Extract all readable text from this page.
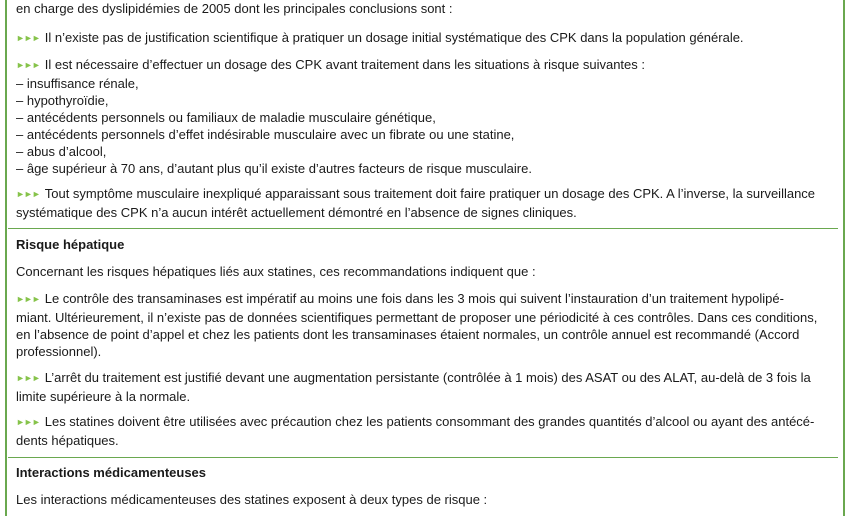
en charge des dyslipidémies de 2005 dont les principales conclusions sont :

►►► Il n’existe pas de justification scientifique à pratiquer un dosage initial systématique des CPK dans la population générale.

►►► Il est nécessaire d’effectuer un dosage des CPK avant traitement dans les situations à risque suivantes :
– insuffisance rénale,
– hypothyroïdie,
– antécédents personnels ou familiaux de maladie musculaire génétique,
– antécédents personnels d’effet indésirable musculaire avec un fibrate ou une statine,
– abus d’alcool,
– âge supérieur à 70 ans, d’autant plus qu’il existe d’autres facteurs de risque musculaire.

►►► Tout symptôme musculaire inexpliqué apparaissant sous traitement doit faire pratiquer un dosage des CPK. A l’inverse, la surveillance
systématique des CPK n’a aucun intérêt actuellement démontré en l’absence de signes cliniques.

Risque hépatique

Concernant les risques hépatiques liés aux statines, ces recommandations indiquent que :

►►► Le contrôle des transaminases est impératif au moins une fois dans les 3 mois qui suivent l’instauration d’un traitement hypolipé-
miant. Ultérieurement, il n’existe pas de données scientifiques permettant de proposer une périodicité à ces contrôles. Dans ces conditions,
en l’absence de point d’appel et chez les patients dont les transaminases étaient normales, un contrôle annuel est recommandé (Accord
professionnel).

►►► L’arrêt du traitement est justifié devant une augmentation persistante (contrôlée à 1 mois) des ASAT ou des ALAT, au-delà de 3 fois la
limite supérieure à la normale.

►►► Les statines doivent être utilisées avec précaution chez les patients consommant des grandes quantités d’alcool ou ayant des antécé-
dents hépatiques.

Interactions médicamenteuses

Les interactions médicamenteuses des statines exposent à deux types de risque :
